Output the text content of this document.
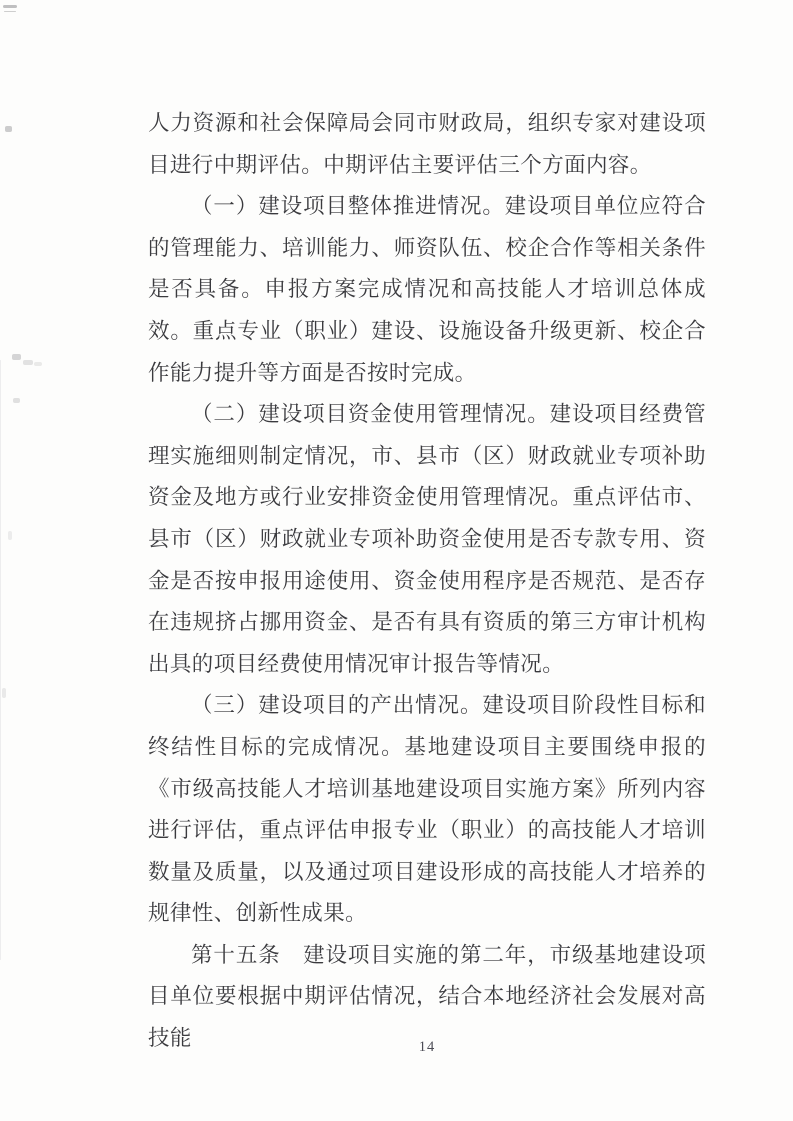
人力资源和社会保障局会同市财政局，组织专家对建设项目进行中期评估。中期评估主要评估三个方面内容。

（一）建设项目整体推进情况。建设项目单位应符合的管理能力、培训能力、师资队伍、校企合作等相关条件是否具备。申报方案完成情况和高技能人才培训总体成效。重点专业（职业）建设、设施设备升级更新、校企合作能力提升等方面是否按时完成。

（二）建设项目资金使用管理情况。建设项目经费管理实施细则制定情况，市、县市（区）财政就业专项补助资金及地方或行业安排资金使用管理情况。重点评估市、县市（区）财政就业专项补助资金使用是否专款专用、资金是否按申报用途使用、资金使用程序是否规范、是否存在违规挤占挪用资金、是否有具有资质的第三方审计机构出具的项目经费使用情况审计报告等情况。

（三）建设项目的产出情况。建设项目阶段性目标和终结性目标的完成情况。基地建设项目主要围绕申报的《市级高技能人才培训基地建设项目实施方案》所列内容进行评估，重点评估申报专业（职业）的高技能人才培训数量及质量，以及通过项目建设形成的高技能人才培养的规律性、创新性成果。

第十五条　建设项目实施的第二年，市级基地建设项目单位要根据中期评估情况，结合本地经济社会发展对高技能	14
